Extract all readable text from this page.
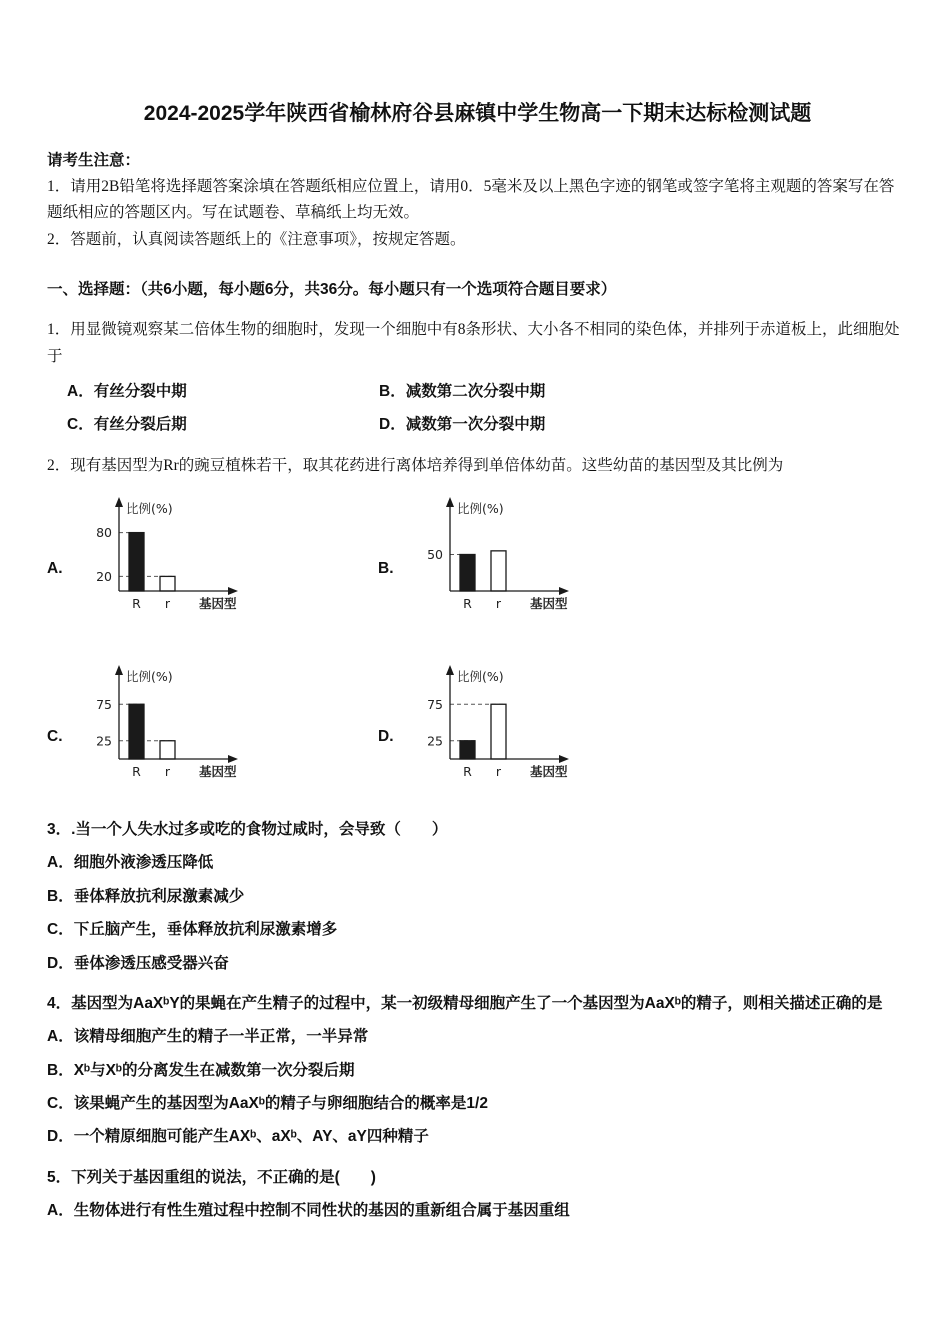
2024-2025学年陕西省榆林府谷县麻镇中学生物高一下期末达标检测试题

请考生注意：

1．请用2B铅笔将选择题答案涂填在答题纸相应位置上，请用0．5毫米及以上黑色字迹的钢笔或签字笔将主观题的答案写在答题纸相应的答题区内。写在试题卷、草稿纸上均无效。

2．答题前，认真阅读答题纸上的《注意事项》，按规定答题。

一、选择题：（共6小题，每小题6分，共36分。每小题只有一个选项符合题目要求）

1．用显微镜观察某二倍体生物的细胞时，发现一个细胞中有8条形状、大小各不相同的染色体，并排列于赤道板上，此细胞处于

A．有丝分裂中期	B．减数第二次分裂中期

C．有丝分裂后期	D．减数第一次分裂中期

2．现有基因型为Rr的豌豆植株若干，取其花药进行离体培养得到单倍体幼苗。这些幼苗的基因型及其比例为

A.
80
20
比例(%)
R r 基因型
B.
50
比例(%)
R r 基因型
C.
75
25
比例(%)
R r 基因型
D.
75
25
比例(%)
R r 基因型

3．.当一个人失水过多或吃的食物过咸时，会导致（　　）

A．细胞外液渗透压降低

B．垂体释放抗利尿激素减少

C．下丘脑产生，垂体释放抗利尿激素增多

D．垂体渗透压感受器兴奋

4．基因型为AaXᵇY的果蝇在产生精子的过程中，某一初级精母细胞产生了一个基因型为AaXᵇ的精子，则相关描述正确的是

A．该精母细胞产生的精子一半正常，一半异常

B．Xᵇ与Xᵇ的分离发生在减数第一次分裂后期

C．该果蝇产生的基因型为AaXᵇ的精子与卵细胞结合的概率是1/2

D．一个精原细胞可能产生AXᵇ、aXᵇ、AY、aY四种精子

5．下列关于基因重组的说法，不正确的是(　　)

A．生物体进行有性生殖过程中控制不同性状的基因的重新组合属于基因重组
